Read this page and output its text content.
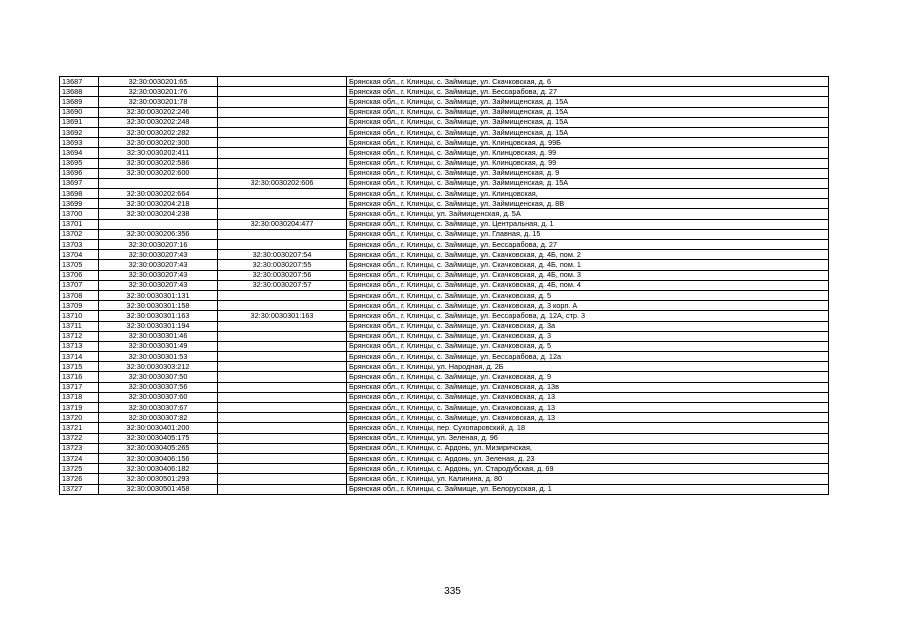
13687	32:30:0030201:65		Брянская обл., г. Клинцы, с. Займище, ул. Скачковская, д. 6
13688	32:30:0030201:76		Брянская обл., г. Клинцы, с. Займище, ул. Бессарабова, д. 27
13689	32:30:0030201:78		Брянская обл., г. Клинцы, с. Займище, ул. Займищенская, д. 15А
13690	32:30:0030202:246		Брянская обл., г. Клинцы, с. Займище, ул. Займищенская, д. 15А
13691	32:30:0030202:248		Брянская обл., г. Клинцы, с. Займище, ул. Займищенская, д. 15А
13692	32:30:0030202:282		Брянская обл., г. Клинцы, с. Займище, ул. Займищенская, д. 15А
13693	32:30:0030202:300		Брянская обл., г. Клинцы, с. Займище, ул. Клинцовская, д. 99Б
13694	32:30:0030202:411		Брянская обл., г. Клинцы, с. Займище, ул. Клинцовская, д. 99
13695	32:30:0030202:586		Брянская обл., г. Клинцы, с. Займище, ул. Клинцовская, д. 99
13696	32:30:0030202:600		Брянская обл., г. Клинцы, с. Займище, ул. Займищенская, д. 9
13697		32:30:0030202:606	Брянская обл., г. Клинцы, с. Займище, ул. Займищенская, д. 15А
13698	32:30:0030202:664		Брянская обл., г. Клинцы, с. Займище, ул. Клинцовская,
13699	32:30:0030204:218		Брянская обл., г. Клинцы, с. Займище, ул. Займищенская, д. 8В
13700	32:30:0030204:238		Брянская обл., г. Клинцы, ул. Займищенская, д. 5А
13701		32:30:0030204:477	Брянская обл., г. Клинцы, с. Займище, ул. Центральная, д. 1
13702	32:30:0030206:356		Брянская обл., г. Клинцы, с. Займище, ул. Главная, д. 15
13703	32:30:0030207:16		Брянская обл., г. Клинцы, с. Займище, ул. Бессарабова, д. 27
13704	32:30:0030207:43	32:30:0030207:54	Брянская обл., г. Клинцы, с. Займище, ул. Скачковская, д. 4Б, пом. 2
13705	32:30:0030207:43	32:30:0030207:55	Брянская обл., г. Клинцы, с. Займище, ул. Скачковская, д. 4Б, пом. 1
13706	32:30:0030207:43	32:30:0030207:56	Брянская обл., г. Клинцы, с. Займище, ул. Скачковская, д. 4Б, пом. 3
13707	32:30:0030207:43	32:30:0030207:57	Брянская обл., г. Клинцы, с. Займище, ул. Скачковская, д. 4Б, пом. 4
13708	32:30:0030301:131		Брянская обл., г. Клинцы, с. Займище, ул. Скачковская, д. 5
13709	32:30:0030301:158		Брянская обл., г. Клинцы, с. Займище, ул. Скачковская, д. 3 корп. А
13710	32:30:0030301:163	32:30:0030301:163	Брянская обл., г. Клинцы, с. Займище, ул. Бессарабова, д. 12А, стр. 3
13711	32:30:0030301:194		Брянская обл., г. Клинцы, с. Займище, ул. Скачковская, д. 3а
13712	32:30:0030301:46		Брянская обл., г. Клинцы, с. Займище, ул. Скачковская, д. 3
13713	32:30:0030301:49		Брянская обл., г. Клинцы, с. Займище, ул. Скачковская, д. 5
13714	32:30:0030301:53		Брянская обл., г. Клинцы, с. Займище, ул. Бессарабова, д. 12а
13715	32:30:0030303:212		Брянская обл., г. Клинцы, ул. Народная, д. 2Б
13716	32:30:0030307:50		Брянская обл., г. Клинцы, с. Займище, ул. Скачковская, д. 9
13717	32:30:0030307:56		Брянская обл., г. Клинцы, с. Займище, ул. Скачковская, д. 13в
13718	32:30:0030307:60		Брянская обл., г. Клинцы, с. Займище, ул. Скачковская, д. 13
13719	32:30:0030307:67		Брянская обл., г. Клинцы, с. Займище, ул. Скачковская, д. 13
13720	32:30:0030307:82		Брянская обл., г. Клинцы, с. Займище, ул. Скачковская, д. 13
13721	32:30:0030401:200		Брянская обл., г. Клинцы, пер. Сухопаровский, д. 18
13722	32:30:0030405:175		Брянская обл., г. Клинцы, ул. Зеленая, д. 96
13723	32:30:0030405:265		Брянская обл., г. Клинцы, с. Ардонь, ул. Мизиричская,
13724	32:30:0030406:156		Брянская обл., г. Клинцы, с. Ардонь, ул. Зеленая, д. 23
13725	32:30:0030406:182		Брянская обл., г. Клинцы, с. Ардонь, ул. Стародубская, д. 69
13726	32:30:0030501:293		Брянская обл., г. Клинцы, ул. Калинина, д. 80
13727	32:30:0030501:458		Брянская обл., г. Клинцы, с. Займище, ул. Белорусская, д. 1
335
